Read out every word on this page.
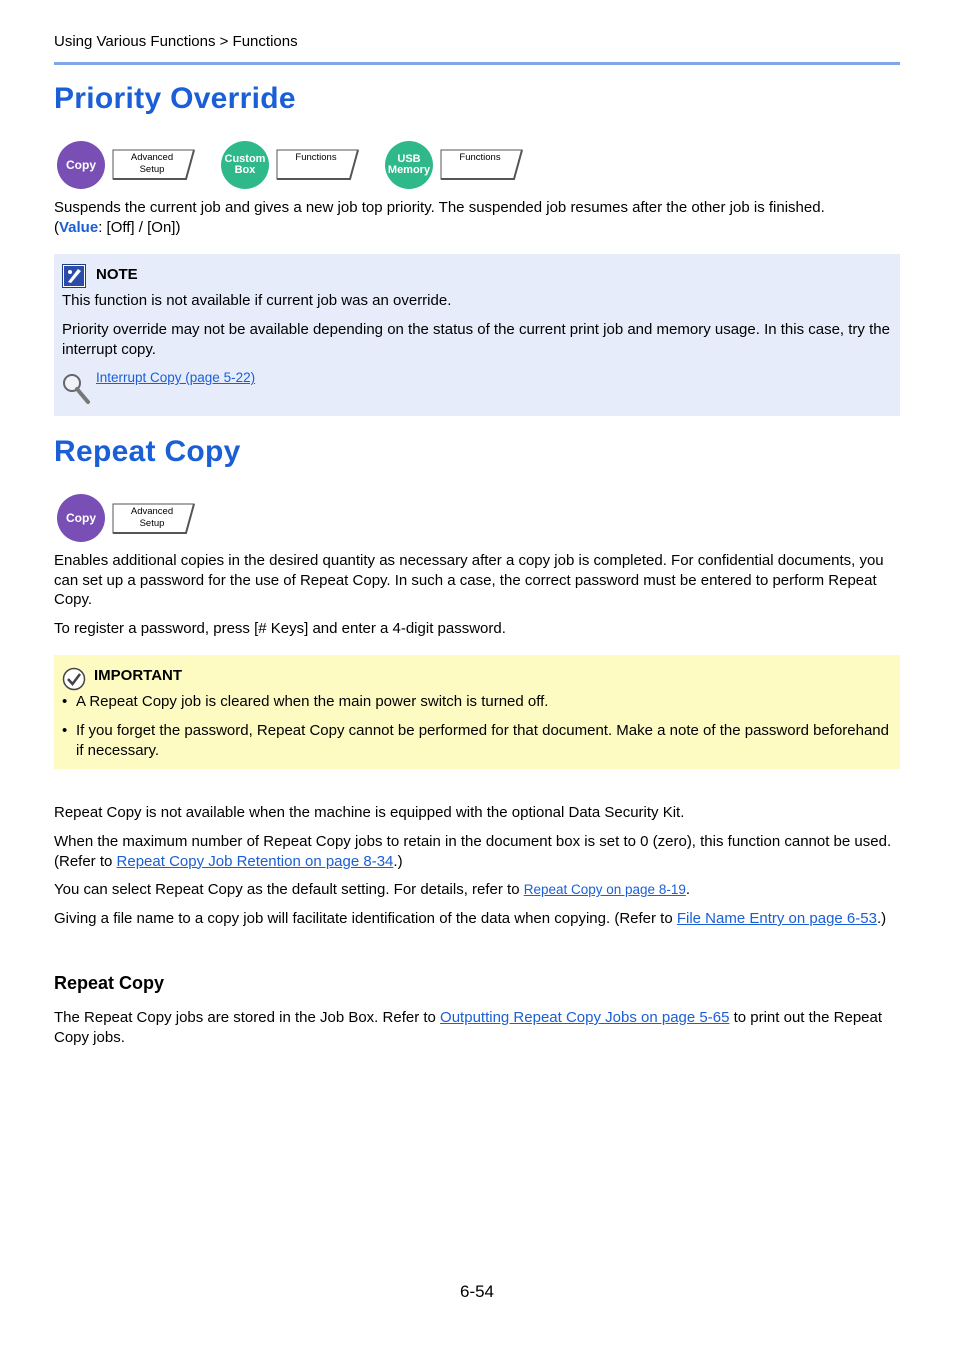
Using Various Functions > Functions
Priority Override
Copy	Advanced
Setup
Custom
Box
Functions	USB
Memory
Functions
Suspends the current job and gives a new job top priority. The suspended job resumes after the other job is finished.
(Value: [Off] / [On])
NOTE
This function is not available if current job was an override.
Priority override may not be available depending on the status of the current print job and memory usage. In this case, try the interrupt copy.
Interrupt Copy (page 5-22)
Repeat Copy
Copy	Advanced
Setup
Enables additional copies in the desired quantity as necessary after a copy job is completed. For confidential documents, you can set up a password for the use of Repeat Copy. In such a case, the correct password must be entered to perform Repeat Copy.
To register a password, press [# Keys] and enter a 4-digit password.
IMPORTANT
• A Repeat Copy job is cleared when the main power switch is turned off.
• If you forget the password, Repeat Copy cannot be performed for that document. Make a note of the password beforehand if necessary.
Repeat Copy is not available when the machine is equipped with the optional Data Security Kit.
When the maximum number of Repeat Copy jobs to retain in the document box is set to 0 (zero), this function cannot be used. (Refer to Repeat Copy Job Retention on page 8-34.)
You can select Repeat Copy as the default setting. For details, refer to Repeat Copy on page 8-19.
Giving a file name to a copy job will facilitate identification of the data when copying. (Refer to File Name Entry on page 6-53.)
Repeat Copy
The Repeat Copy jobs are stored in the Job Box. Refer to Outputting Repeat Copy Jobs on page 5-65 to print out the Repeat Copy jobs.
6-54
